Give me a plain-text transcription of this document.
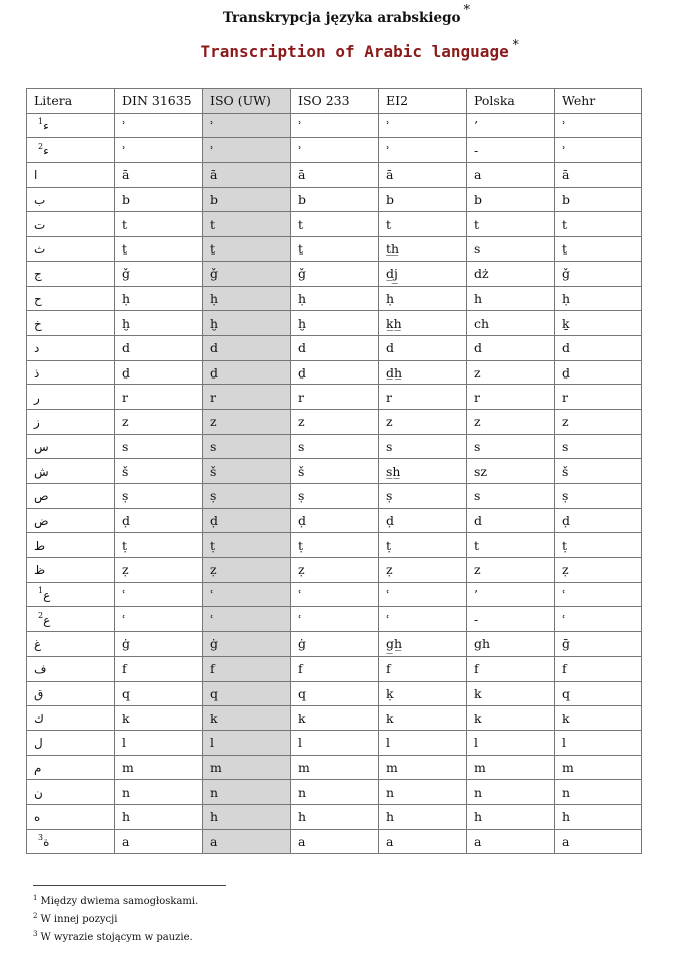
Transkrypcja języka arabskiego *
Transcription of Arabic language *
Litera	DIN 31635	ISO (UW)	ISO 233	EI2	Polska	Wehr
ء$^1$	ʾ	ʾ	ʾ	ʾ	’	ʾ
ء$^2$	ʾ	ʾ	ʾ	ʾ	-	ʾ
ا	ā	ā	ā	ā	a	ā
ب	b	b	b	b	b	b
ت	t	t	t	t	t	t
ث	ṯ	ṯ	ṯ	t̲h̲	s	ṯ
ج	ǧ	ǧ	ǧ	d̲j̲	dż	ǧ
ح	ḥ	ḥ	ḥ	ḥ	h	ḥ
خ	ḫ	ḫ	ḫ	k̲h̲	ch	ḵ
د	d	d	d	d	d	d
ذ	ḏ	ḏ	ḏ	d̲h̲	z	ḏ
ر	r	r	r	r	r	r
ز	z	z	z	z	z	z
س	s	s	s	s	s	s
ش	š	š	š	s̲h̲	sz	š
ص	ṣ	ṣ	ṣ	ṣ	s	ṣ
ض	ḍ	ḍ	ḍ	ḍ	d	ḍ
ط	ṭ	ṭ	ṭ	ṭ	t	ṭ
ظ	ẓ	ẓ	ẓ	ẓ	z	ẓ
ع$^1$	ʿ	ʿ	ʿ	ʿ	’	ʿ
ع$^2$	ʿ	ʿ	ʿ	ʿ	-	ʿ
غ	ġ	ġ	ġ	g̲h̲	gh	ḡ
ف	f	f	f	f	f	f
ق	q	q	q	ḳ	k	q
ك	k	k	k	k	k	k
ل	l	l	l	l	l	l
م	m	m	m	m	m	m
ن	n	n	n	n	n	n
ه	h	h	h	h	h	h
ة$^3$	a	a	a	a	a	a
$^1$ Między dwiema samogłoskami.
$^2$ W innej pozycji
$^3$ W wyrazie stojącym w pauzie.
